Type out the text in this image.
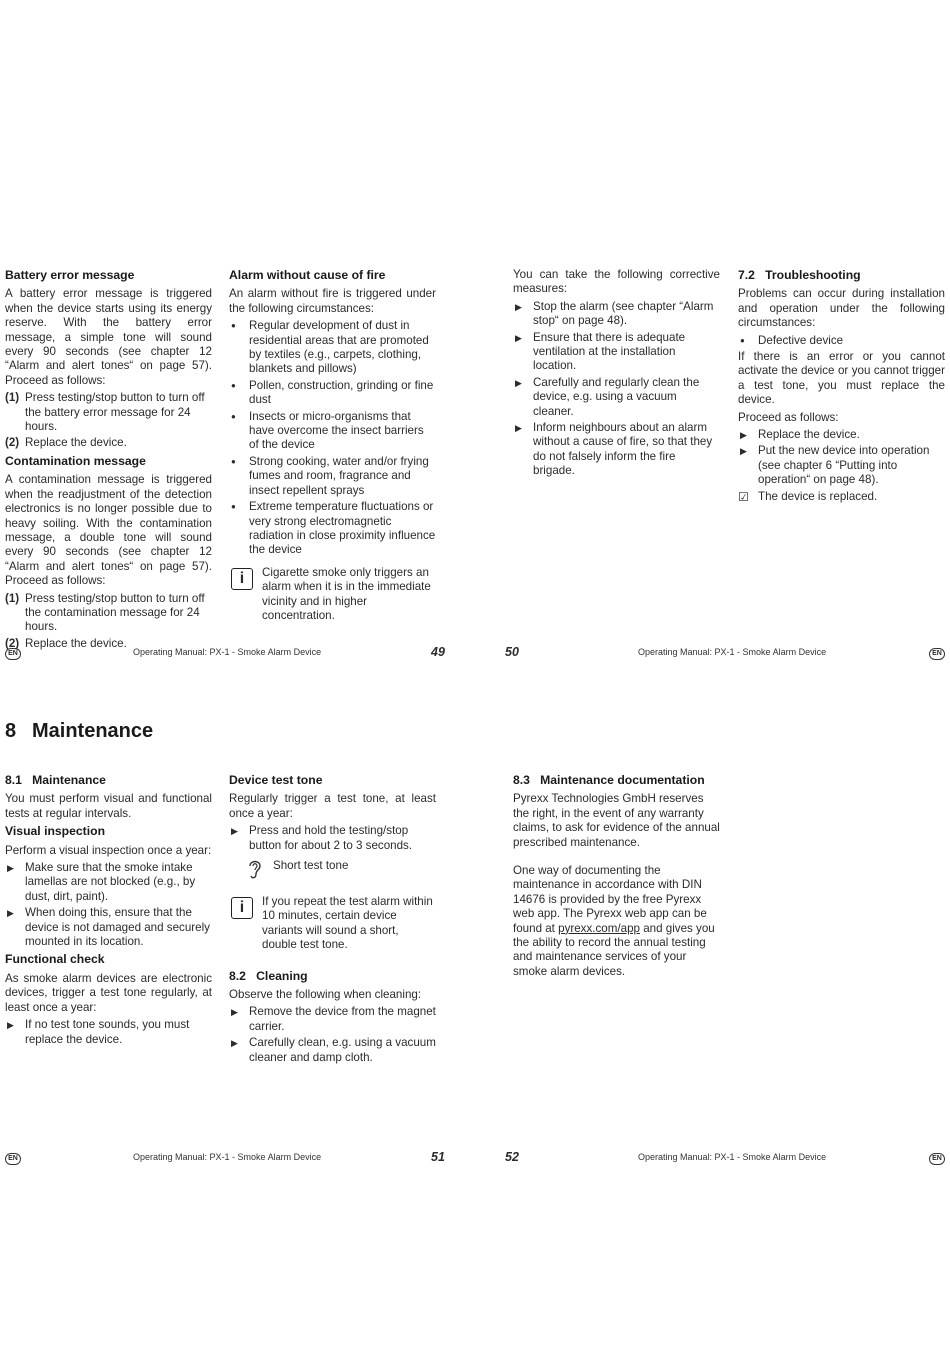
Battery error message
A battery error message is triggered when the device starts using its energy reserve. With the battery error message, a simple tone will sound every 90 seconds (see chapter 12 “Alarm and alert tones“ on page 57). Proceed as follows:
(1) Press testing/stop button to turn off the battery error message for 24 hours.
(2) Replace the device.
Contamination message
A contamination message is triggered when the readjustment of the detection electronics is no longer possible due to heavy soiling. With the contamination message, a double tone will sound every 90 seconds (see chapter 12 “Alarm and alert tones“ on page 57). Proceed as follows:
(1) Press testing/stop button to turn off the contamination message for 24 hours.
(2) Replace the device.
Alarm without cause of fire
An alarm without fire is triggered under the following circumstances:
● Regular development of dust in residential areas that are promoted by textiles (e.g., carpets, clothing, blankets and pillows)
● Pollen, construction, grinding or fine dust
● Insects or micro-organisms that have overcome the insect barriers of the device
● Strong cooking, water and/or frying fumes and room, fragrance and insect repellent sprays
● Extreme temperature fluctuations or very strong electromagnetic radiation in close proximity influence the device
i	Cigarette smoke only triggers an alarm when it is in the immediate vicinity and in higher concentration.
EN	Operating Manual: PX-1 - Smoke Alarm Device	49
You can take the following corrective measures:
▶ Stop the alarm (see chapter “Alarm stop“ on page 48).
▶ Ensure that there is adequate ventilation at the installation location.
▶ Carefully and regularly clean the device, e.g. using a vacuum cleaner.
▶ Inform neighbours about an alarm without a cause of fire, so that they do not falsely inform the fire brigade.
7.2 Troubleshooting
Problems can occur during installation and operation under the following circumstances:
● Defective device
If there is an error or you cannot activate the device or you cannot trigger a test tone, you must replace the device.
Proceed as follows:
▶ Replace the device.
▶ Put the new device into operation (see chapter 6 “Putting into operation“ on page 48).
☑ The device is replaced.
50	Operating Manual: PX-1 - Smoke Alarm Device	EN
8 Maintenance
8.1 Maintenance
You must perform visual and functional tests at regular intervals.
Visual inspection
Perform a visual inspection once a year:
▶ Make sure that the smoke intake lamellas are not blocked (e.g., by dust, dirt, paint).
▶ When doing this, ensure that the device is not damaged and securely mounted in its location.
Functional check
As smoke alarm devices are electronic devices, trigger a test tone regularly, at least once a year:
▶ If no test tone sounds, you must replace the device.
Device test tone
Regularly trigger a test tone, at least once a year:
▶ Press and hold the testing/stop button for about 2 to 3 seconds.
Short test tone
i	If you repeat the test alarm within 10 minutes, certain device variants will sound a short, double test tone.
8.2 Cleaning
Observe the following when cleaning:
▶ Remove the device from the magnet carrier.
▶ Carefully clean, e.g. using a vacuum cleaner and damp cloth.
EN	Operating Manual: PX-1 - Smoke Alarm Device	51
8.3 Maintenance documentation
Pyrexx Technologies GmbH reserves the right, in the event of any warranty claims, to ask for evidence of the annual prescribed maintenance.
One way of documenting the maintenance in accordance with DIN 14676 is provided by the free Pyrexx web app. The Pyrexx web app can be found at pyrexx.com/app and gives you the ability to record the annual testing and maintenance services of your smoke alarm devices.
52	Operating Manual: PX-1 - Smoke Alarm Device	EN
